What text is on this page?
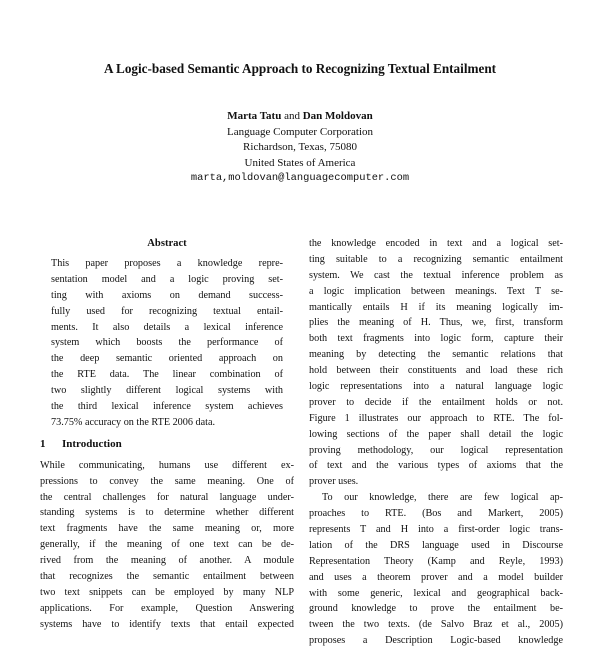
A Logic-based Semantic Approach to Recognizing Textual Entailment
Marta Tatu and Dan Moldovan
Language Computer Corporation
Richardson, Texas, 75080
United States of America
marta,moldovan@languagecomputer.com
Abstract
This paper proposes a knowledge repre-
sentation model and a logic proving set-
ting with axioms on demand success-
fully used for recognizing textual entail-
ments. It also details a lexical inference
system which boosts the performance of
the deep semantic oriented approach on
the RTE data. The linear combination of
two slightly different logical systems with
the third lexical inference system achieves
73.75% accuracy on the RTE 2006 data.
1 Introduction
While communicating, humans use different ex-
pressions to convey the same meaning. One of
the central challenges for natural language under-
standing systems is to determine whether different
text fragments have the same meaning or, more
generally, if the meaning of one text can be de-
rived from the meaning of another. A module
that recognizes the semantic entailment between
two text snippets can be employed by many NLP
applications. For example, Question Answering
systems have to identify texts that entail expected
the knowledge encoded in text and a logical set-
ting suitable to a recognizing semantic entailment
system. We cast the textual inference problem as
a logic implication between meanings. Text T se-
mantically entails H if its meaning logically im-
plies the meaning of H. Thus, we, first, transform
both text fragments into logic form, capture their
meaning by detecting the semantic relations that
hold between their constituents and load these rich
logic representations into a natural language logic
prover to decide if the entailment holds or not.
Figure 1 illustrates our approach to RTE. The fol-
lowing sections of the paper shall detail the logic
proving methodology, our logical representation
of text and the various types of axioms that the
prover uses.
To our knowledge, there are few logical ap-
proaches to RTE. (Bos and Markert, 2005)
represents T and H into a first-order logic trans-
lation of the DRS language used in Discourse
Representation Theory (Kamp and Reyle, 1993)
and uses a theorem prover and a model builder
with some generic, lexical and geographical back-
ground knowledge to prove the entailment be-
tween the two texts. (de Salvo Braz et al., 2005)
proposes a Description Logic-based knowledge
